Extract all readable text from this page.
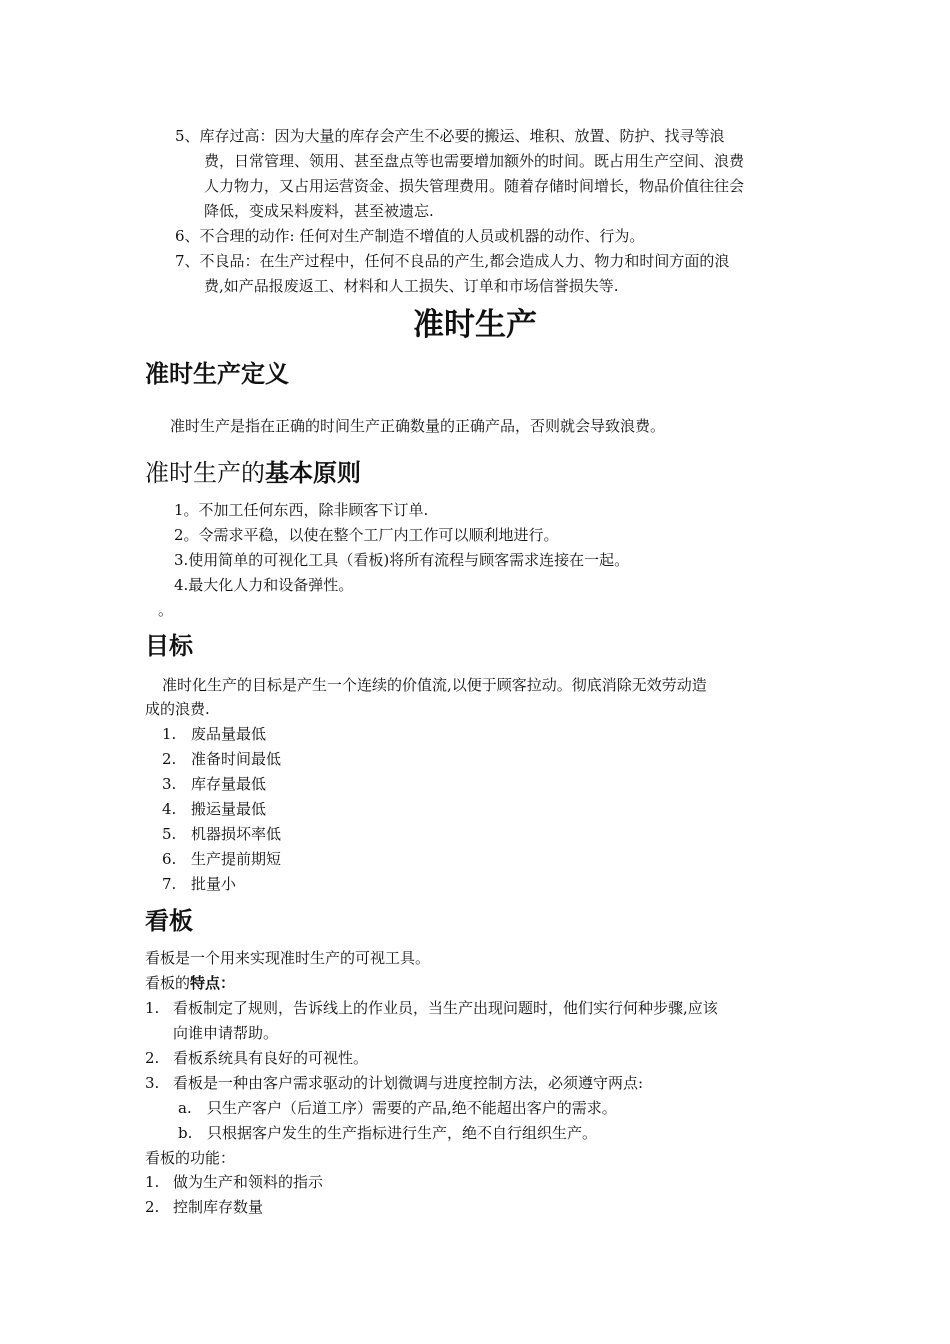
5、库存过高：因为大量的库存会产生不必要的搬运、堆积、放置、防护、找寻等浪
费，日常管理、领用、甚至盘点等也需要增加额外的时间。既占用生产空间、浪费
人力物力，又占用运营资金、损失管理费用。随着存储时间增长，物品价值往往会
降低，变成呆料废料，甚至被遗忘.
6、不合理的动作: 任何对生产制造不增值的人员或机器的动作、行为。
7、不良品：在生产过程中，任何不良品的产生,都会造成人力、物力和时间方面的浪
费,如产品报废返工、材料和人工损失、订单和市场信誉损失等.
准时生产
准时生产定义
准时生产是指在正确的时间生产正确数量的正确产品，否则就会导致浪费。
准时生产的基本原则
1。不加工任何东西，除非顾客下订单.
2。令需求平稳，以使在整个工厂内工作可以顺利地进行。
3.使用简单的可视化工具（看板)将所有流程与顾客需求连接在一起。
4.最大化人力和设备弹性。
。
目标
准时化生产的目标是产生一个连续的价值流,以便于顾客拉动。彻底消除无效劳动造
成的浪费.
1. 废品量最低
2. 准备时间最低
3. 库存量最低
4. 搬运量最低
5. 机器损坏率低
6. 生产提前期短
7. 批量小
看板
看板是一个用来实现准时生产的可视工具。
看板的特点：
1. 看板制定了规则，告诉线上的作业员，当生产出现问题时，他们实行何种步骤,应该
向谁申请帮助。
2. 看板系统具有良好的可视性。
3. 看板是一种由客户需求驱动的计划微调与进度控制方法，必须遵守两点:
a. 只生产客户（后道工序）需要的产品,绝不能超出客户的需求。
b. 只根据客户发生的生产指标进行生产，绝不自行组织生产。
看板的功能：
1. 做为生产和领料的指示
2. 控制库存数量
